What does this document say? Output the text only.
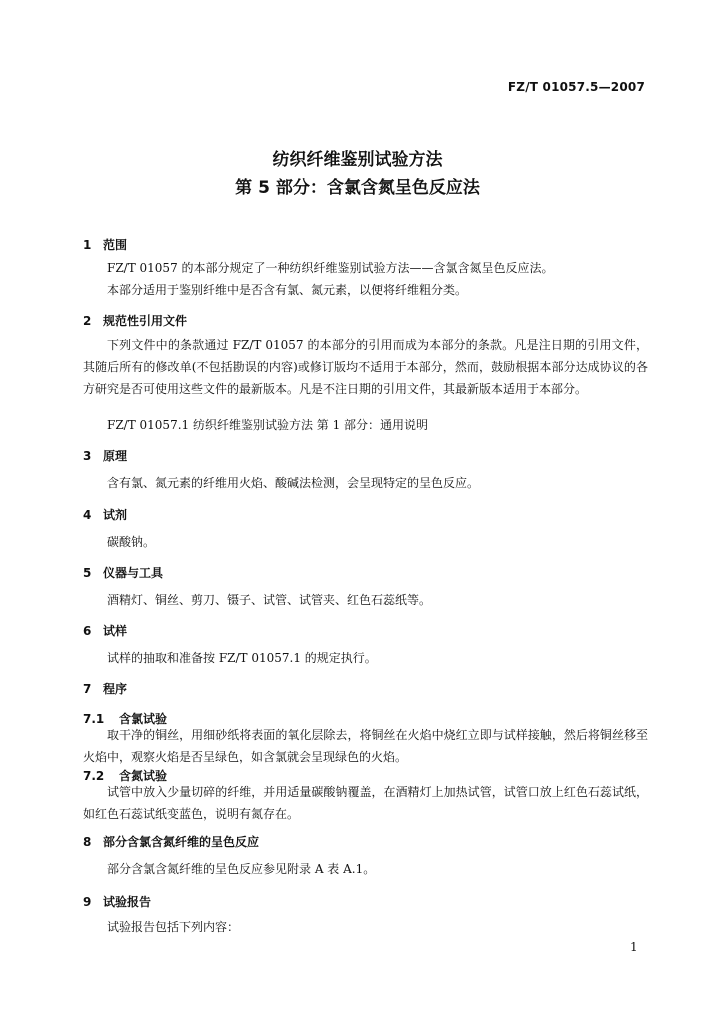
FZ/T 01057.5—2007
纺织纤维鉴别试验方法
第 5 部分：含氯含氮呈色反应法
1 范围
FZ/T 01057 的本部分规定了一种纺织纤维鉴别试验方法——含氯含氮呈色反应法。
本部分适用于鉴别纤维中是否含有氯、氮元素，以便将纤维粗分类。
2 规范性引用文件
下列文件中的条款通过 FZ/T 01057 的本部分的引用而成为本部分的条款。凡是注日期的引用文件，其随后所有的修改单(不包括勘误的内容)或修订版均不适用于本部分，然而，鼓励根据本部分达成协议的各方研究是否可使用这些文件的最新版本。凡是不注日期的引用文件，其最新版本适用于本部分。
FZ/T 01057.1 纺织纤维鉴别试验方法 第 1 部分：通用说明
3 原理
含有氯、氮元素的纤维用火焰、酸碱法检测，会呈现特定的呈色反应。
4 试剂
碳酸钠。
5 仪器与工具
酒精灯、铜丝、剪刀、镊子、试管、试管夹、红色石蕊纸等。
6 试样
试样的抽取和准备按 FZ/T 01057.1 的规定执行。
7 程序
7.1 含氯试验
取干净的铜丝，用细砂纸将表面的氧化层除去，将铜丝在火焰中烧红立即与试样接触，然后将铜丝移至火焰中，观察火焰是否呈绿色，如含氯就会呈现绿色的火焰。
7.2 含氮试验
试管中放入少量切碎的纤维，并用适量碳酸钠覆盖，在酒精灯上加热试管，试管口放上红色石蕊试纸，如红色石蕊试纸变蓝色，说明有氮存在。
8 部分含氯含氮纤维的呈色反应
部分含氯含氮纤维的呈色反应参见附录 A 表 A.1。
9 试验报告
试验报告包括下列内容：
1
